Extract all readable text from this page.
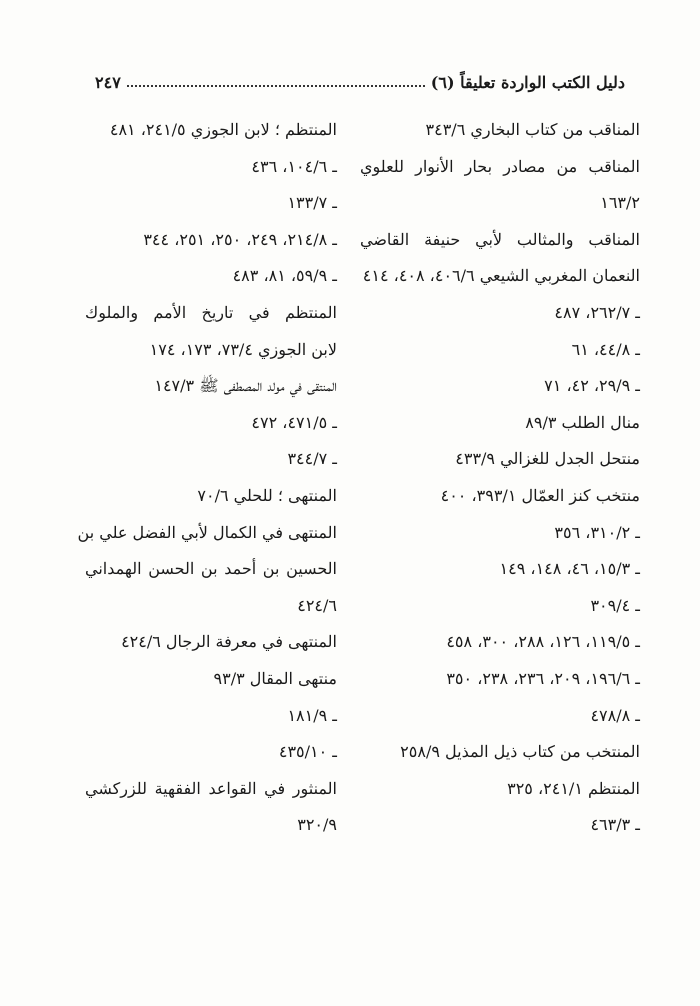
دليل الكتب الواردة تعليقاً (٦)
٢٤٧
المناقب من كتاب البخاري ٣٤٣/٦
المناقب من مصادر بحار الأنوار للعلوي
١٦٣/٢
المناقب والمثالب لأبي حنيفة القاضي
النعمان المغربي الشيعي ٤٠٦/٦، ٤٠٨، ٤١٤
ـ ٢٦٢/٧، ٤٨٧
ـ ٤٤/٨، ٦١
ـ ٢٩/٩، ٤٢، ٧١
منال الطلب ٨٩/٣
منتحل الجدل للغزالي ٤٣٣/٩
منتخب كنز العمّال ٣٩٣/١، ٤٠٠
ـ ٣١٠/٢، ٣٥٦
ـ ١٥/٣، ٤٦، ١٤٨، ١٤٩
ـ ٣٠٩/٤
ـ ١١٩/٥، ١٢٦، ٢٨٨، ٣٠٠، ٤٥٨
ـ ١٩٦/٦، ٢٠٩، ٢٣٦، ٢٣٨، ٣٥٠
ـ ٤٧٨/٨
المنتخب من كتاب ذيل المذيل ٢٥٨/٩
المنتظم ٢٤١/١، ٣٢٥
ـ ٤٦٣/٣
المنتظم ؛ لابن الجوزي ٢٤١/٥، ٤٨١
ـ ١٠٤/٦، ٤٣٦
ـ ١٣٣/٧
ـ ٢١٤/٨، ٢٤٩، ٢٥٠، ٢٥١، ٣٤٤
ـ ٥٩/٩، ٨١، ٤٨٣
المنتظم في تاريخ الأمم والملوك
لابن الجوزي ٧٣/٤، ١٧٣، ١٧٤
المنتقى في مولد المصطفى ﷺ ١٤٧/٣
ـ ٤٧١/٥، ٤٧٢
ـ ٣٤٤/٧
المنتهى ؛ للحلي ٧٠/٦
المنتهى في الكمال لأبي الفضل علي بن
الحسين بن أحمد بن الحسن الهمداني
٤٢٤/٦
المنتهى في معرفة الرجال ٤٢٤/٦
منتهى المقال ٩٣/٣
ـ ١٨١/٩
ـ ٤٣٥/١٠
المنثور في القواعد الفقهية للزركشي
٣٢٠/٩
